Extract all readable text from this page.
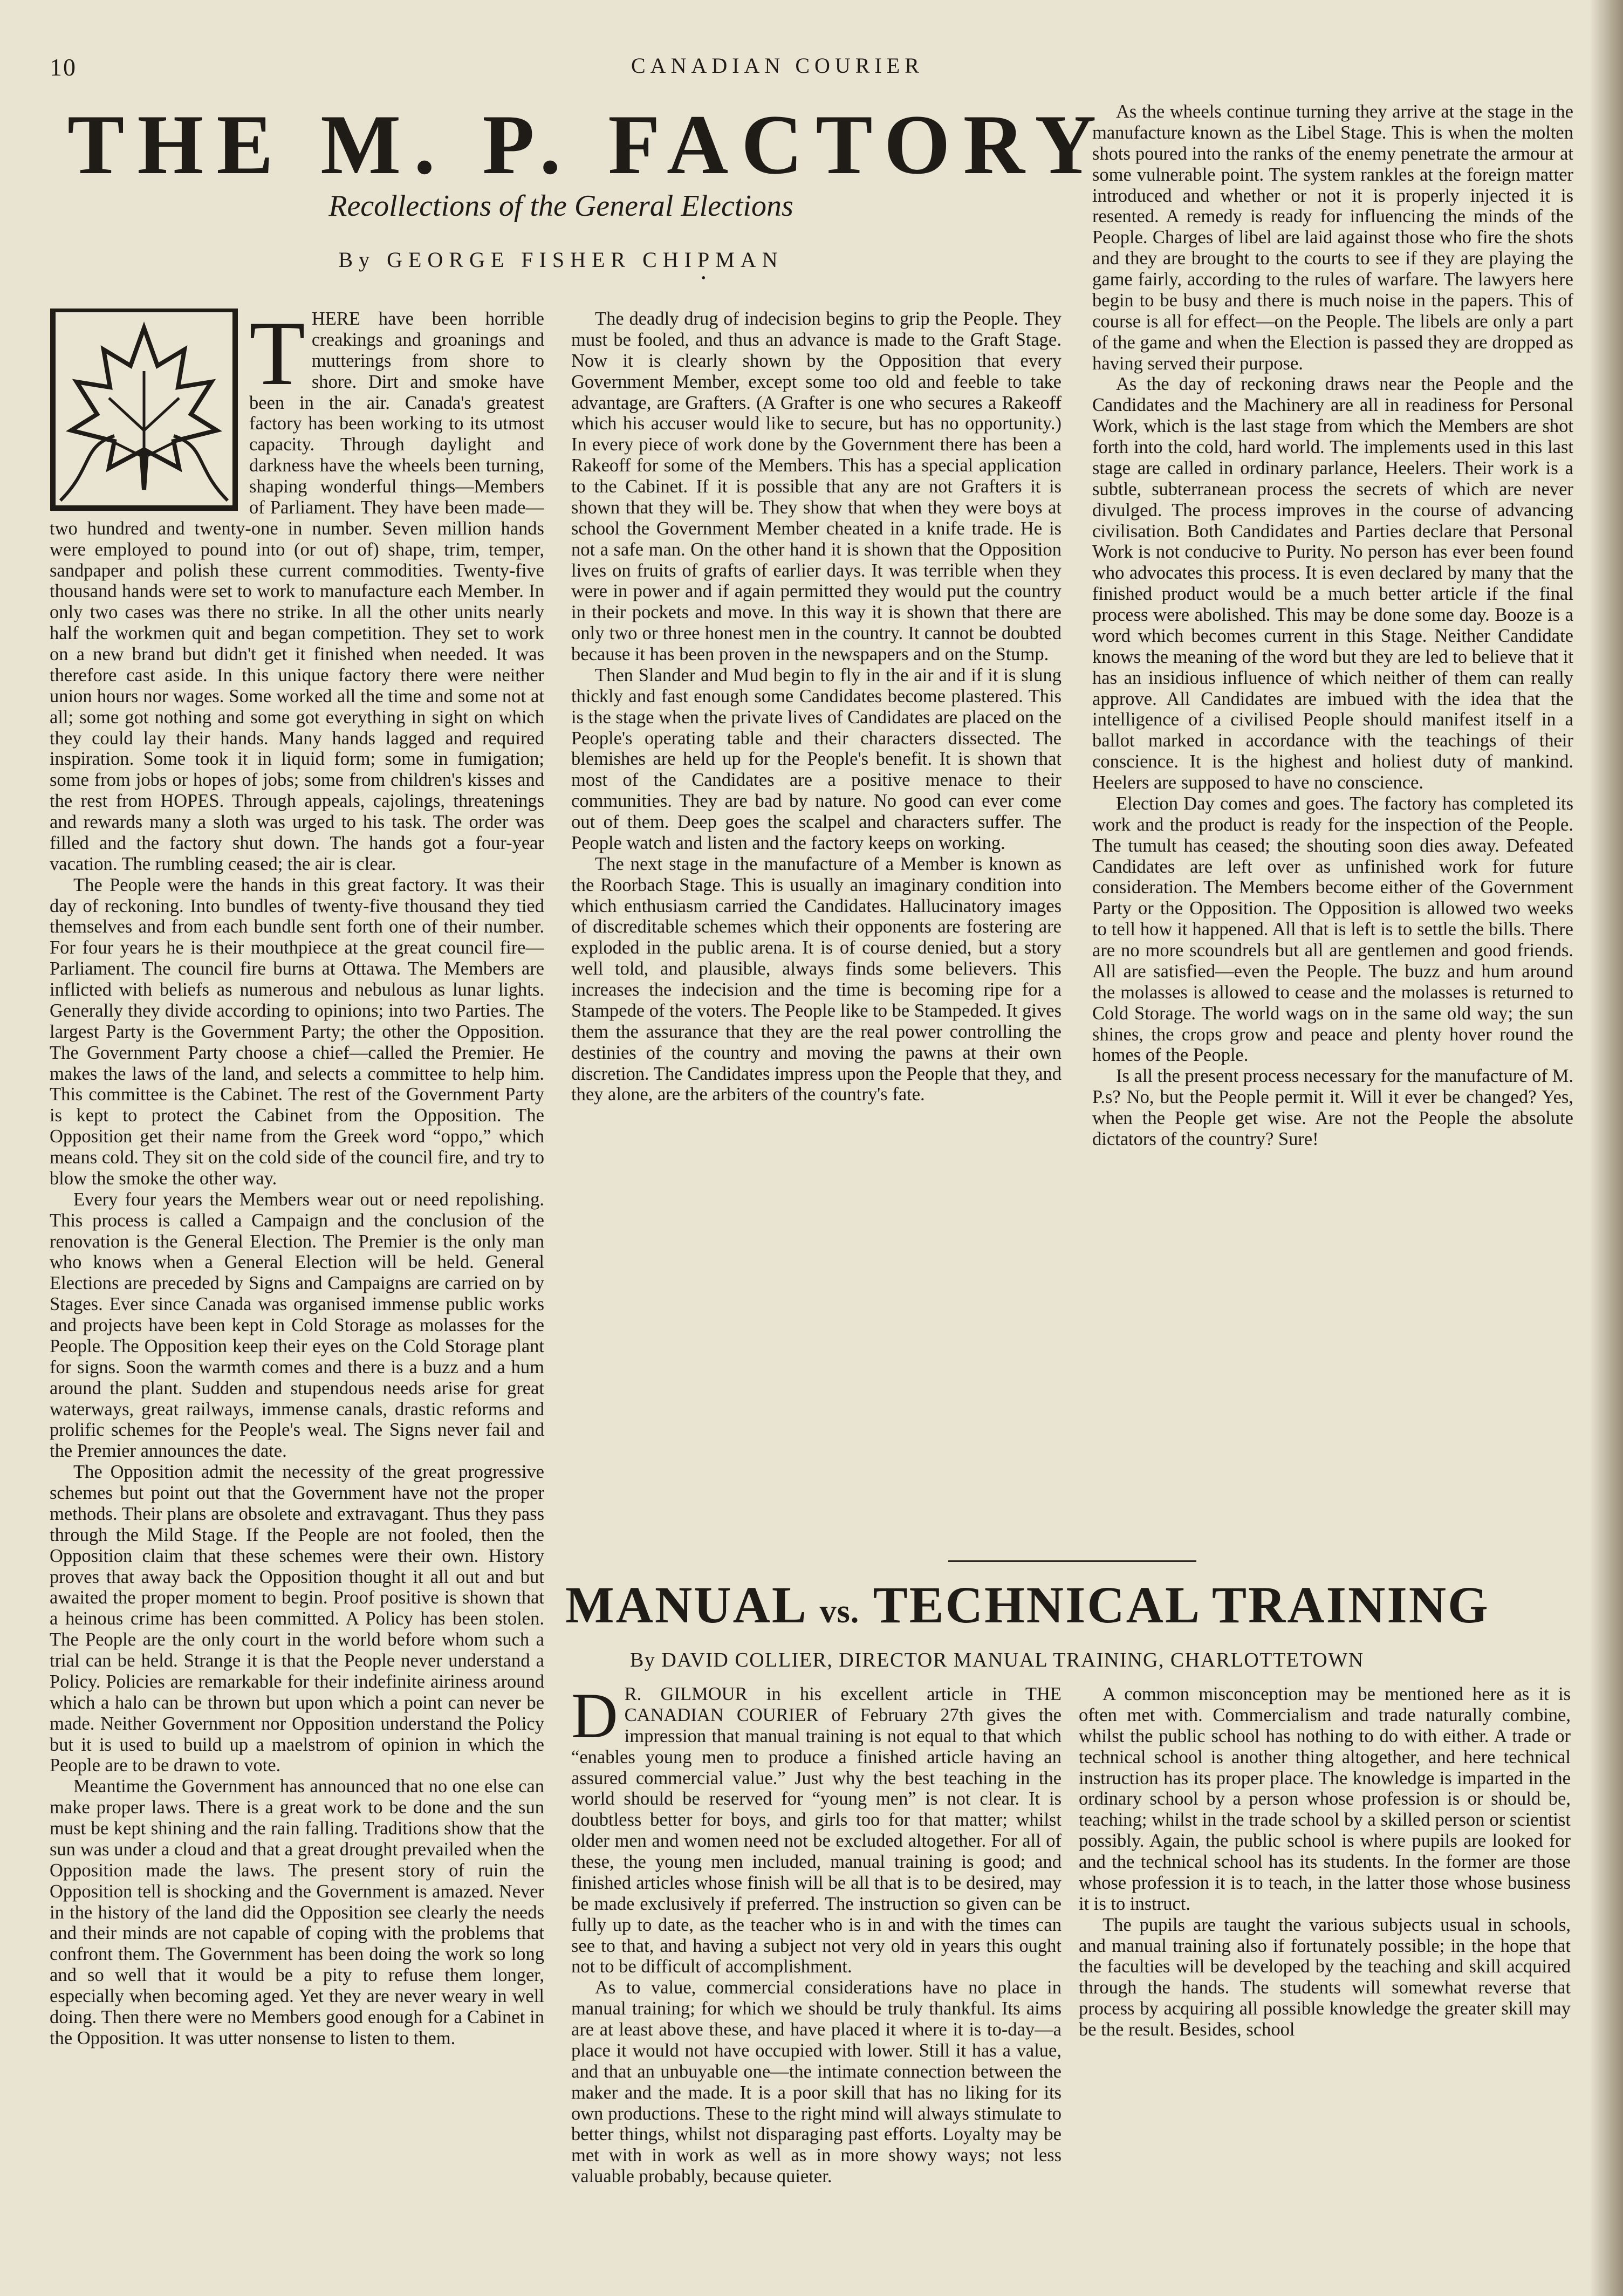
10	CANADIAN COURIER
THE M. P. FACTORY
Recollections of the General Elections
By GEORGE FISHER CHIPMAN
•
T HERE have been horrible creakings and groanings and mutterings from shore to shore. Dirt and smoke have been in the air. Canada's greatest factory has been working to its utmost capacity. Through daylight and darkness have the wheels been turning, shaping wonderful things—Members of Parliament. They have been made—two hundred and twenty-one in number. Seven million hands were employed to pound into (or out of) shape, trim, temper, sandpaper and polish these current commodities. Twenty-five thousand hands were set to work to manufacture each Member. In only two cases was there no strike. In all the other units nearly half the workmen quit and began competition. They set to work on a new brand but didn't get it finished when needed. It was therefore cast aside. In this unique factory there were neither union hours nor wages. Some worked all the time and some not at all; some got nothing and some got everything in sight on which they could lay their hands. Many hands lagged and required inspiration. Some took it in liquid form; some in fumigation; some from jobs or hopes of jobs; some from children's kisses and the rest from HOPES. Through appeals, cajolings, threatenings and rewards many a sloth was urged to his task. The order was filled and the factory shut down. The hands got a four-year vacation. The rumbling ceased; the air is clear.

The People were the hands in this great factory. It was their day of reckoning. Into bundles of twenty-five thousand they tied themselves and from each bundle sent forth one of their number. For four years he is their mouthpiece at the great council fire—Parliament. The council fire burns at Ottawa. The Members are inflicted with beliefs as numerous and nebulous as lunar lights. Generally they divide according to opinions; into two Parties. The largest Party is the Government Party; the other the Opposition. The Government Party choose a chief—called the Premier. He makes the laws of the land, and selects a committee to help him. This committee is the Cabinet. The rest of the Government Party is kept to protect the Cabinet from the Opposition. The Opposition get their name from the Greek word “oppo,” which means cold. They sit on the cold side of the council fire, and try to blow the smoke the other way.

Every four years the Members wear out or need repolishing. This process is called a Campaign and the conclusion of the renovation is the General Election. The Premier is the only man who knows when a General Election will be held. General Elections are preceded by Signs and Campaigns are carried on by Stages. Ever since Canada was organised immense public works and projects have been kept in Cold Storage as molasses for the People. The Opposition keep their eyes on the Cold Storage plant for signs. Soon the warmth comes and there is a buzz and a hum around the plant. Sudden and stupendous needs arise for great waterways, great railways, immense canals, drastic reforms and prolific schemes for the People's weal. The Signs never fail and the Premier announces the date.

The Opposition admit the necessity of the great progressive schemes but point out that the Government have not the proper methods. Their plans are obsolete and extravagant. Thus they pass through the Mild Stage. If the People are not fooled, then the Opposition claim that these schemes were their own. History proves that away back the Opposition thought it all out and but awaited the proper moment to begin. Proof positive is shown that a heinous crime has been committed. A Policy has been stolen. The People are the only court in the world before whom such a trial can be held. Strange it is that the People never understand a Policy. Policies are remarkable for their indefinite airiness around which a halo can be thrown but upon which a point can never be made. Neither Government nor Opposition understand the Policy but it is used to build up a maelstrom of opinion in which the People are to be drawn to vote.

Meantime the Government has announced that no one else can make proper laws. There is a great work to be done and the sun must be kept shining and the rain falling. Traditions show that the sun was under a cloud and that a great drought prevailed when the Opposition made the laws. The present story of ruin the Opposition tell is shocking and the Government is amazed. Never in the history of the land did the Opposition see clearly the needs and their minds are not capable of coping with the problems that confront them. The Government has been doing the work so long and so well that it would be a pity to refuse them longer, especially when becoming aged. Yet they are never weary in well doing. Then there were no Members good enough for a Cabinet in the Opposition. It was utter nonsense to listen to them.

The deadly drug of indecision begins to grip the People. They must be fooled, and thus an advance is made to the Graft Stage. Now it is clearly shown by the Opposition that every Government Member, except some too old and feeble to take advantage, are Grafters. (A Grafter is one who secures a Rakeoff which his accuser would like to secure, but has no opportunity.) In every piece of work done by the Government there has been a Rakeoff for some of the Members. This has a special application to the Cabinet. If it is possible that any are not Grafters it is shown that they will be. They show that when they were boys at school the Government Member cheated in a knife trade. He is not a safe man. On the other hand it is shown that the Opposition lives on fruits of grafts of earlier days. It was terrible when they were in power and if again permitted they would put the country in their pockets and move. In this way it is shown that there are only two or three honest men in the country. It cannot be doubted because it has been proven in the newspapers and on the Stump.

Then Slander and Mud begin to fly in the air and if it is slung thickly and fast enough some Candidates become plastered. This is the stage when the private lives of Candidates are placed on the People's operating table and their characters dissected. The blemishes are held up for the People's benefit. It is shown that most of the Candidates are a positive menace to their communities. They are bad by nature. No good can ever come out of them. Deep goes the scalpel and characters suffer. The People watch and listen and the factory keeps on working.

The next stage in the manufacture of a Member is known as the Roorbach Stage. This is usually an imaginary condition into which enthusiasm carried the Candidates. Hallucinatory images of discreditable schemes which their opponents are fostering are exploded in the public arena. It is of course denied, but a story well told, and plausible, always finds some believers. This increases the indecision and the time is becoming ripe for a Stampede of the voters. The People like to be Stampeded. It gives them the assurance that they are the real power controlling the destinies of the country and moving the pawns at their own discretion. The Candidates impress upon the People that they, and they alone, are the arbiters of the country's fate.

As the wheels continue turning they arrive at the stage in the manufacture known as the Libel Stage. This is when the molten shots poured into the ranks of the enemy penetrate the armour at some vulnerable point. The system rankles at the foreign matter introduced and whether or not it is properly injected it is resented. A remedy is ready for influencing the minds of the People. Charges of libel are laid against those who fire the shots and they are brought to the courts to see if they are playing the game fairly, according to the rules of warfare. The lawyers here begin to be busy and there is much noise in the papers. This of course is all for effect—on the People. The libels are only a part of the game and when the Election is passed they are dropped as having served their purpose.

As the day of reckoning draws near the People and the Candidates and the Machinery are all in readiness for Personal Work, which is the last stage from which the Members are shot forth into the cold, hard world. The implements used in this last stage are called in ordinary parlance, Heelers. Their work is a subtle, subterranean process the secrets of which are never divulged. The process improves in the course of advancing civilisation. Both Candidates and Parties declare that Personal Work is not conducive to Purity. No person has ever been found who advocates this process. It is even declared by many that the finished product would be a much better article if the final process were abolished. This may be done some day. Booze is a word which becomes current in this Stage. Neither Candidate knows the meaning of the word but they are led to believe that it has an insidious influence of which neither of them can really approve. All Candidates are imbued with the idea that the intelligence of a civilised People should manifest itself in a ballot marked in accordance with the teachings of their conscience. It is the highest and holiest duty of mankind. Heelers are supposed to have no conscience.

Election Day comes and goes. The factory has completed its work and the product is ready for the inspection of the People. The tumult has ceased; the shouting soon dies away. Defeated Candidates are left over as unfinished work for future consideration. The Members become either of the Government Party or the Opposition. The Opposition is allowed two weeks to tell how it happened. All that is left is to settle the bills. There are no more scoundrels but all are gentlemen and good friends. All are satisfied—even the People. The buzz and hum around the molasses is allowed to cease and the molasses is returned to Cold Storage. The world wags on in the same old way; the sun shines, the crops grow and peace and plenty hover round the homes of the People.

Is all the present process necessary for the manufacture of M. P.s? No, but the People permit it. Will it ever be changed? Yes, when the People get wise. Are not the People the absolute dictators of the country? Sure!

MANUAL vs. TECHNICAL TRAINING
By DAVID COLLIER, DIRECTOR MANUAL TRAINING, CHARLOTTETOWN
D R. GILMOUR in his excellent article in THE CANADIAN COURIER of February 27th gives the impression that manual training is not equal to that which “enables young men to produce a finished article having an assured commercial value.” Just why the best teaching in the world should be reserved for “young men” is not clear. It is doubtless better for boys, and girls too for that matter; whilst older men and women need not be excluded altogether. For all of these, the young men included, manual training is good; and finished articles whose finish will be all that is to be desired, may be made exclusively if preferred. The instruction so given can be fully up to date, as the teacher who is in and with the times can see to that, and having a subject not very old in years this ought not to be difficult of accomplishment.

As to value, commercial considerations have no place in manual training; for which we should be truly thankful. Its aims are at least above these, and have placed it where it is to-day—a place it would not have occupied with lower. Still it has a value, and that an unbuyable one—the intimate connection between the maker and the made. It is a poor skill that has no liking for its own productions. These to the right mind will always stimulate to better things, whilst not disparaging past efforts. Loyalty may be met with in work as well as in more showy ways; not less valuable probably, because quieter.

A common misconception may be mentioned here as it is often met with. Commercialism and trade naturally combine, whilst the public school has nothing to do with either. A trade or technical school is another thing altogether, and here technical instruction has its proper place. The knowledge is imparted in the ordinary school by a person whose profession is or should be, teaching; whilst in the trade school by a skilled person or scientist possibly. Again, the public school is where pupils are looked for and the technical school has its students. In the former are those whose profession it is to teach, in the latter those whose business it is to instruct.

The pupils are taught the various subjects usual in schools, and manual training also if fortunately possible; in the hope that the faculties will be developed by the teaching and skill acquired through the hands. The students will somewhat reverse that process by acquiring all possible knowledge the greater skill may be the result. Besides, school
